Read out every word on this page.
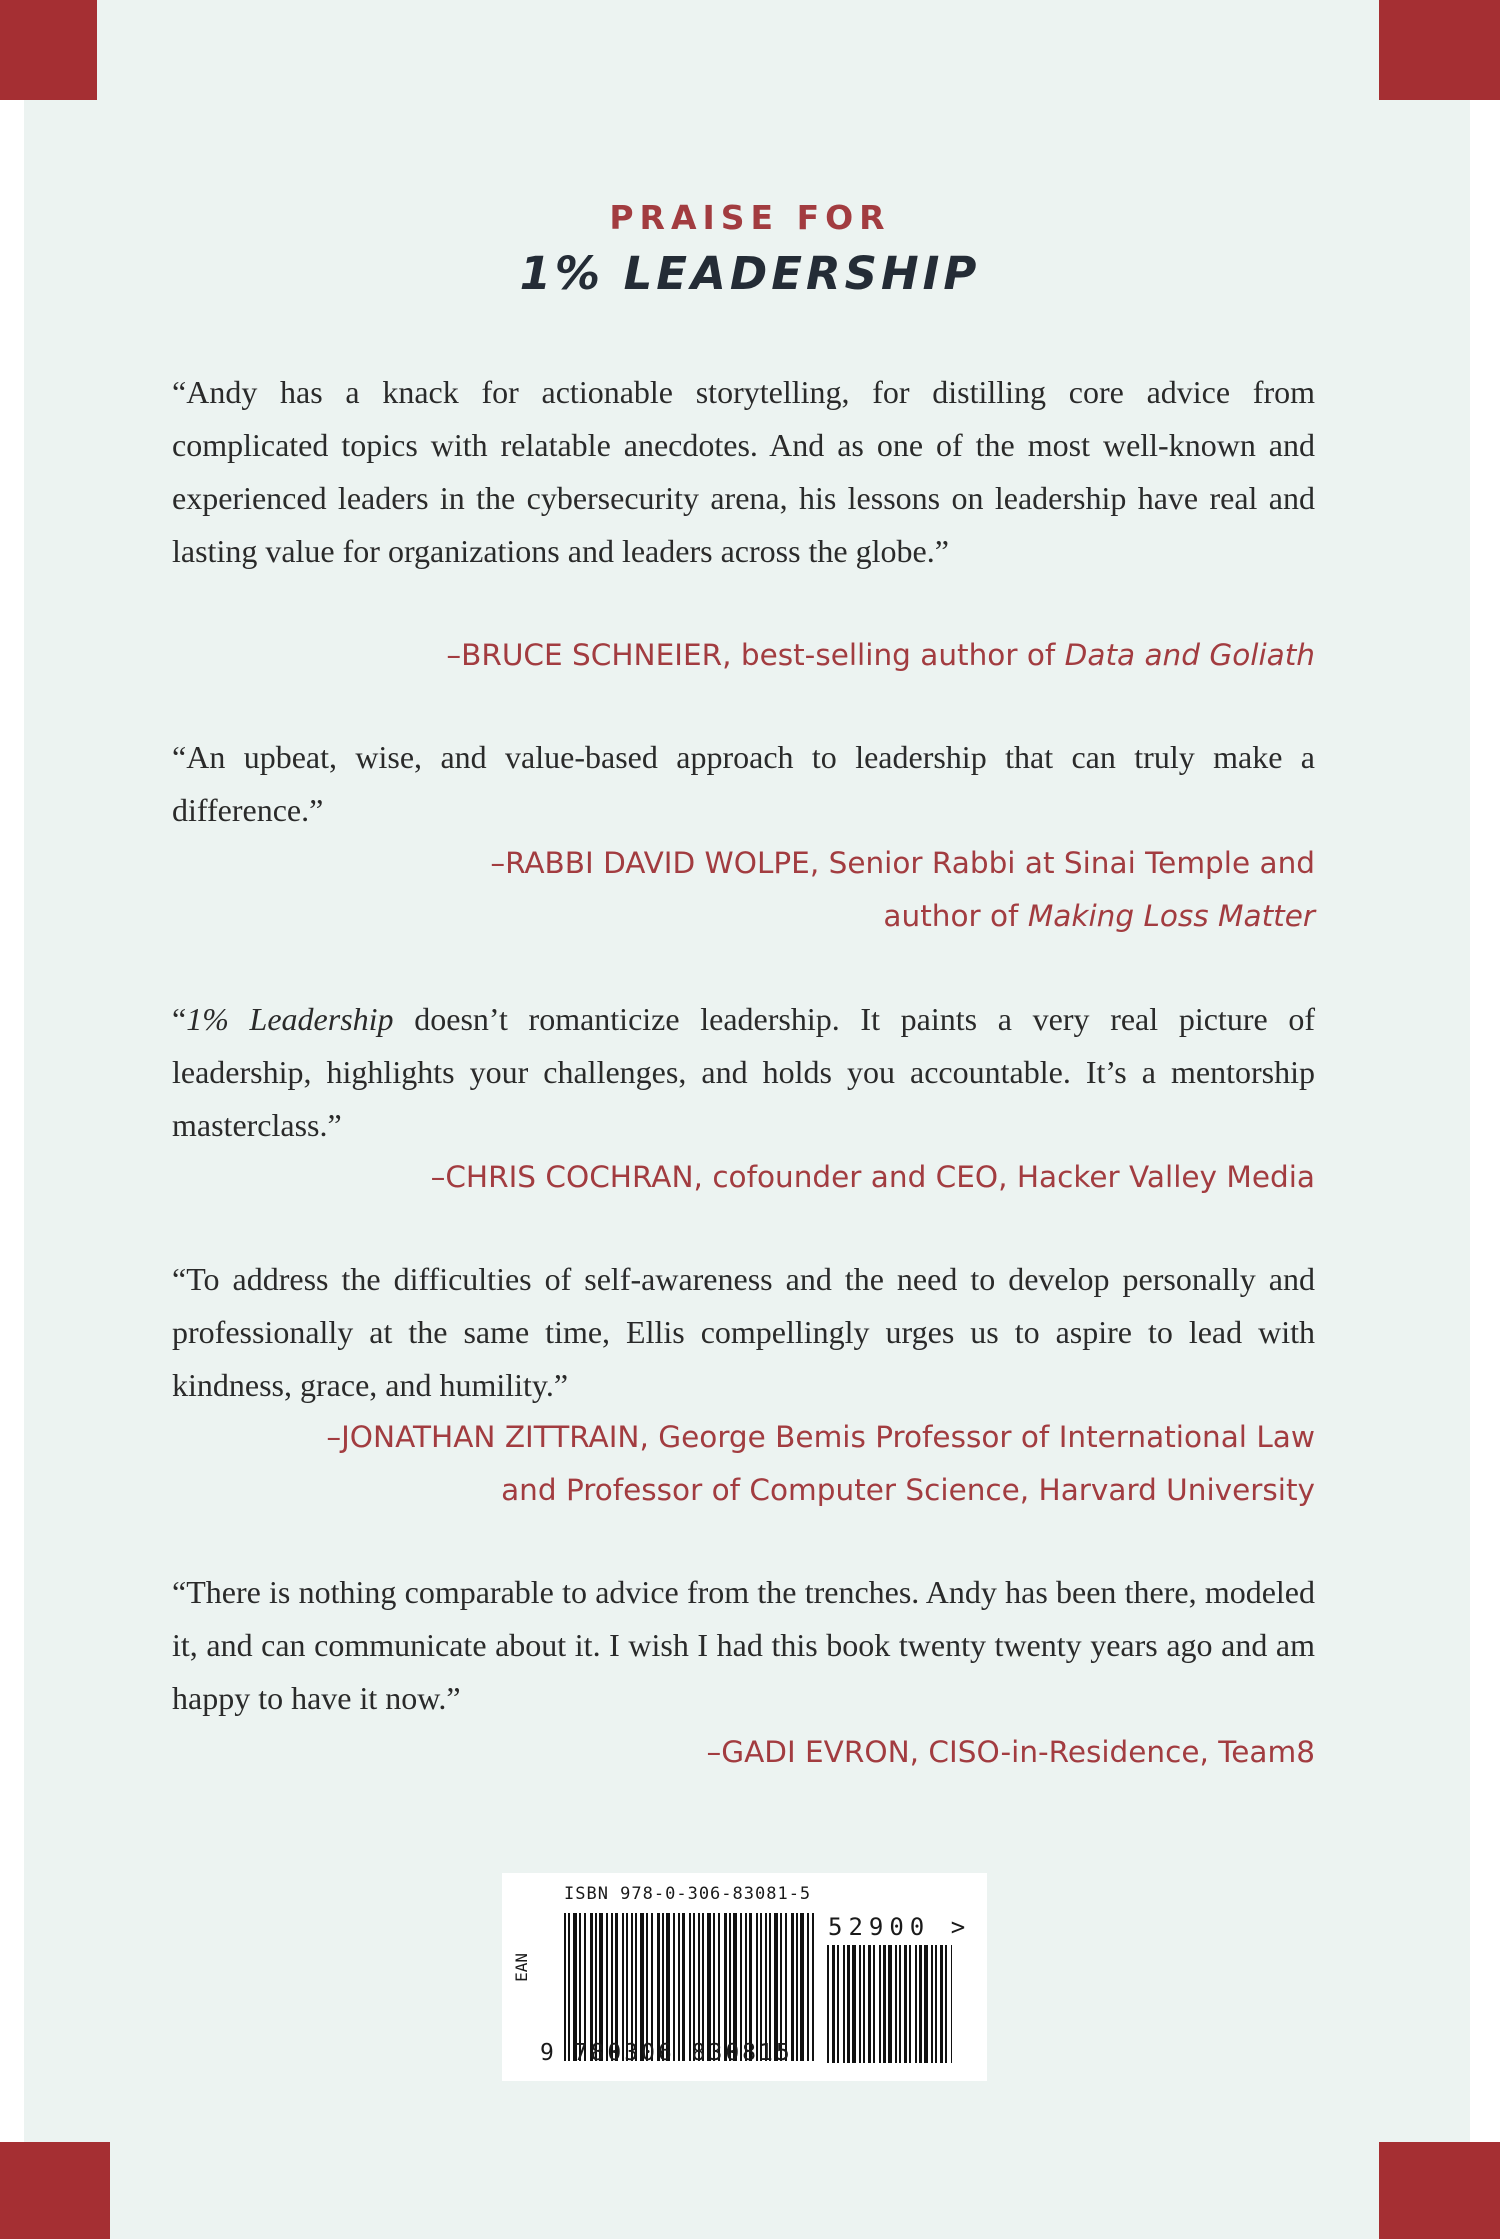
PRAISE FOR
1% LEADERSHIP

“Andy has a knack for actionable storytelling, for distilling core advice from complicated topics with relatable anecdotes. And as one of the most well-known and experienced leaders in the cybersecurity arena, his lessons on leadership have real and lasting value for organizations and leaders across the globe.”

–BRUCE SCHNEIER, best-selling author of Data and Goliath

“An upbeat, wise, and value-based approach to leadership that can truly make a difference.”

–RABBI DAVID WOLPE, Senior Rabbi at Sinai Temple and
author of Making Loss Matter

“1% Leadership doesn’t romanticize leadership. It paints a very real picture of leadership, highlights your challenges, and holds you accountable. It’s a mentorship masterclass.”

–CHRIS COCHRAN, cofounder and CEO, Hacker Valley Media

“To address the difficulties of self-awareness and the need to develop personally and professionally at the same time, Ellis compellingly urges us to aspire to lead with kindness, grace, and humility.”

–JONATHAN ZITTRAIN, George Bemis Professor of International Law
and Professor of Computer Science, Harvard University

“There is nothing comparable to advice from the trenches. Andy has been there, modeled it, and can communicate about it. I wish I had this book twenty twenty years ago and am happy to have it now.”

–GADI EVRON, CISO-in-Residence, Team8

ISBN 978-0-306-83081-5
EAN
52900 >
9 780306 830815
